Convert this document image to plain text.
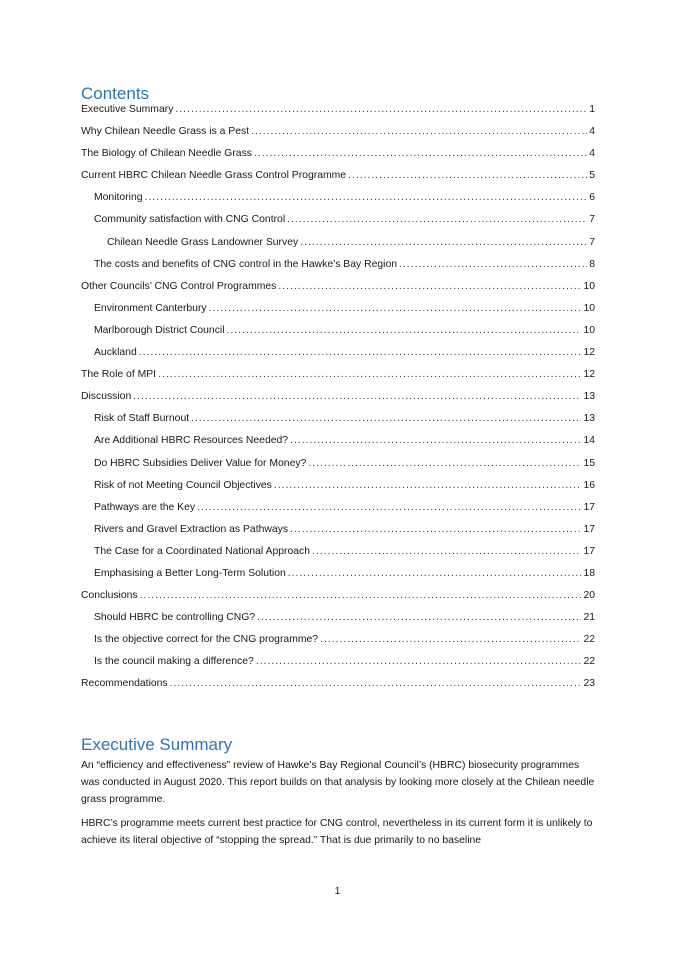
Contents
Executive Summary .....	1
Why Chilean Needle Grass is a Pest .....	4
The Biology of Chilean Needle Grass .....	4
Current HBRC Chilean Needle Grass Control Programme .....	5
Monitoring .....	6
Community satisfaction with CNG Control .....	7
Chilean Needle Grass Landowner Survey .....	7
The costs and benefits of CNG control in the Hawke’s Bay Region .....	8
Other Councils’ CNG Control Programmes .....	10
Environment Canterbury .....	10
Marlborough District Council .....	10
Auckland .....	12
The Role of MPI .....	12
Discussion .....	13
Risk of Staff Burnout .....	13
Are Additional HBRC Resources Needed? .....	14
Do HBRC Subsidies Deliver Value for Money? .....	15
Risk of not Meeting Council Objectives .....	16
Pathways are the Key .....	17
Rivers and Gravel Extraction as Pathways .....	17
The Case for a Coordinated National Approach .....	17
Emphasising a Better Long-Term Solution .....	18
Conclusions .....	20
Should HBRC be controlling CNG? .....	21
Is the objective correct for the CNG programme? .....	22
Is the council making a difference? .....	22
Recommendations .....	23
Executive Summary

An “efficiency and effectiveness” review of Hawke’s Bay Regional Council’s (HBRC) biosecurity programmes was conducted in August 2020. This report builds on that analysis by looking more closely at the Chilean needle grass programme.

HBRC’s programme meets current best practice for CNG control, nevertheless in its current form it is unlikely to achieve its literal objective of “stopping the spread.” That is due primarily to no baseline

1
